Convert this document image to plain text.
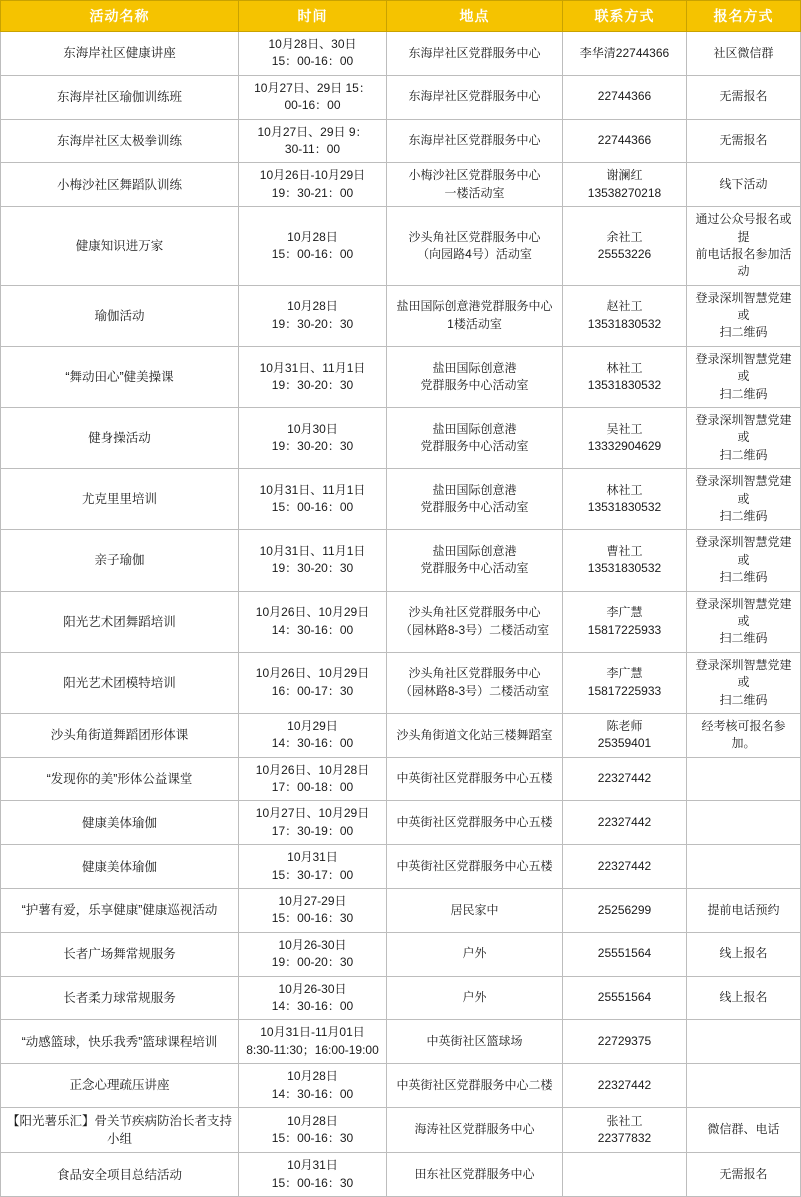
活动名称	时间	地点	联系方式	报名方式

东海岸社区健康讲座	10月28日、30日
15：00-16：00	东海岸社区党群服务中心	李华清22744366	社区微信群

东海岸社区瑜伽训练班	10月27日、29日 15：
00-16：00	东海岸社区党群服务中心	22744366	无需报名

东海岸社区太极拳训练	10月27日、29日 9：
30-11：00	东海岸社区党群服务中心	22744366	无需报名

小梅沙社区舞蹈队训练	10月26日-10月29日
19：30-21：00	小梅沙社区党群服务中心
一楼活动室	谢澜红
13538270218	线下活动

健康知识进万家	10月28日
15：00-16：00	沙头角社区党群服务中心
（向园路4号）活动室	余社工
25553226	通过公众号报名或提
前电话报名参加活动

瑜伽活动	10月28日
19：30-20：30	盐田国际创意港党群服务中心
1楼活动室	赵社工
13531830532	登录深圳智慧党建或
扫二维码

“舞动田心”健美操课	10月31日、11月1日
19：30-20：30	盐田国际创意港
党群服务中心活动室	林社工
13531830532	登录深圳智慧党建或
扫二维码

健身操活动	10月30日
19：30-20：30	盐田国际创意港
党群服务中心活动室	吴社工
13332904629	登录深圳智慧党建或
扫二维码

尤克里里培训	10月31日、11月1日
15：00-16：00	盐田国际创意港
党群服务中心活动室	林社工
13531830532	登录深圳智慧党建或
扫二维码

亲子瑜伽	10月31日、11月1日
19：30-20：30	盐田国际创意港
党群服务中心活动室	曹社工
13531830532	登录深圳智慧党建或
扫二维码

阳光艺术团舞蹈培训	10月26日、10月29日
14：30-16：00	沙头角社区党群服务中心
（园林路8-3号）二楼活动室	李广慧
15817225933	登录深圳智慧党建或
扫二维码

阳光艺术团模特培训	10月26日、10月29日
16：00-17：30	沙头角社区党群服务中心
（园林路8-3号）二楼活动室	李广慧
15817225933	登录深圳智慧党建或
扫二维码

沙头角街道舞蹈团形体课	10月29日
14：30-16：00	沙头角街道文化站三楼舞蹈室	陈老师
25359401	经考核可报名参加。

“发现你的美”形体公益课堂	10月26日、10月28日
17：00-18：00	中英街社区党群服务中心五楼	22327442	

健康美体瑜伽	10月27日、10月29日
17：30-19：00	中英街社区党群服务中心五楼	22327442	

健康美体瑜伽	10月31日
15：30-17：00	中英街社区党群服务中心五楼	22327442	

“护薯有爱，乐享健康”健康巡视活动	10月27-29日
15：00-16：30	居民家中	25256299	提前电话预约

长者广场舞常规服务	10月26-30日
19：00-20：30	户外	25551564	线上报名

长者柔力球常规服务	10月26-30日
14：30-16：00	户外	25551564	线上报名

“动感篮球，快乐我秀”篮球课程培训	10月31日-11月01日
8:30-11:30；16:00-19:00	中英街社区篮球场	22729375	

正念心理疏压讲座	10月28日
14：30-16：00	中英街社区党群服务中心二楼	22327442	

【阳光薯乐汇】骨关节疾病防治长者支持
小组	10月28日
15：00-16：30	海涛社区党群服务中心	张社工
22377832	微信群、电话

食品安全项目总结活动	10月31日
15：00-16：30	田东社区党群服务中心		无需报名
